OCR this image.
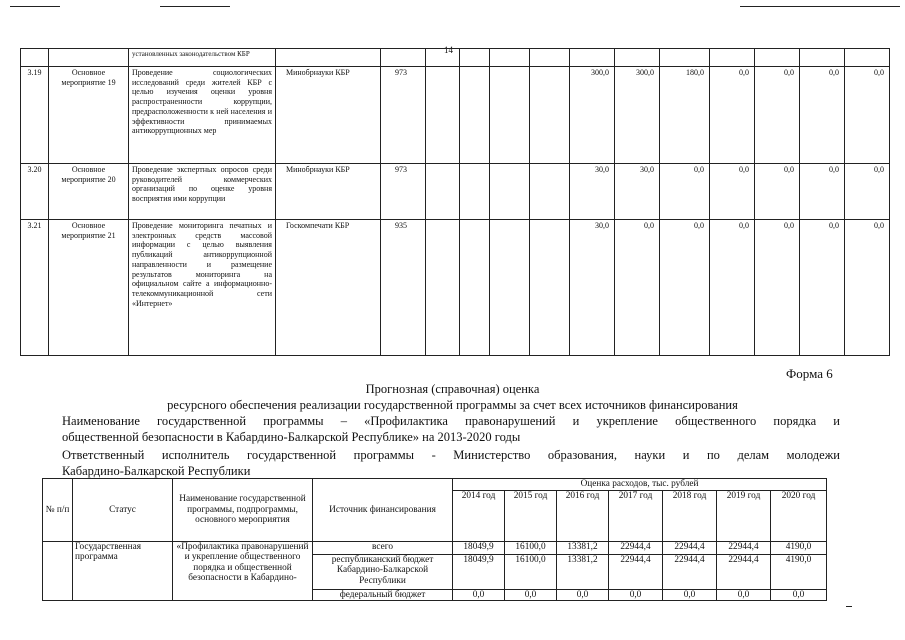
14
		установленных законодательством КБР													
3.19	Основное мероприятие 19	Проведение социологических исследований среди жителей КБР с целью изучения оценки уровня распространенности коррупции, предрасположенности к ней населения и эффективности принимаемых антикоррупционных мер	Минобрнауки КБР	973					300,0	300,0	180,0	0,0	0,0	0,0	0,0
3.20	Основное мероприятие 20	Проведение экспертных опросов среди руководителей коммерческих организаций по оценке уровня восприятия ими коррупции	Минобрнауки КБР	973					30,0	30,0	0,0	0,0	0,0	0,0	0,0
3.21	Основное мероприятие 21	Проведение мониторинга печатных и электронных средств массовой информации с целью выявления публикаций антикоррупционной направленности и размещение результатов мониторинга на официальном сайте а информационно-телекоммуникационной сети «Интернет»	Госкомпечати КБР	935					30,0	0,0	0,0	0,0	0,0	0,0	0,0
Форма 6
Прогнозная (справочная) оценка
ресурсного обеспечения реализации государственной программы за счет всех источников финансирования
Наименование государственной программы – «Профилактика правонарушений и укрепление общественного порядка и
общественной безопасности в Кабардино-Балкарской Республике» на 2013-2020 годы
Ответственный исполнитель государственной программы - Министерство образования, науки и по делам молодежи
Кабардино-Балкарской Республики
№ п/п	Статус	Наименование государственной программы, подпрограммы, основного мероприятия	Источник финансирования	Оценка расходов, тыс. рублей						
				2014 год	2015 год	2016 год	2017 год	2018 год	2019 год	2020 год
	Государственная программа	«Профилактика правонарушений и укрепление общественного порядка и общественной безопасности в Кабардино-	всего	18049,9	16100,0	13381,2	22944,4	22944,4	22944,4	4190,0
			республиканский бюджет Кабардино-Балкарской Республики	18049,9	16100,0	13381,2	22944,4	22944,4	22944,4	4190,0
			федеральный бюджет	0,0	0,0	0,0	0,0	0,0	0,0	0,0
